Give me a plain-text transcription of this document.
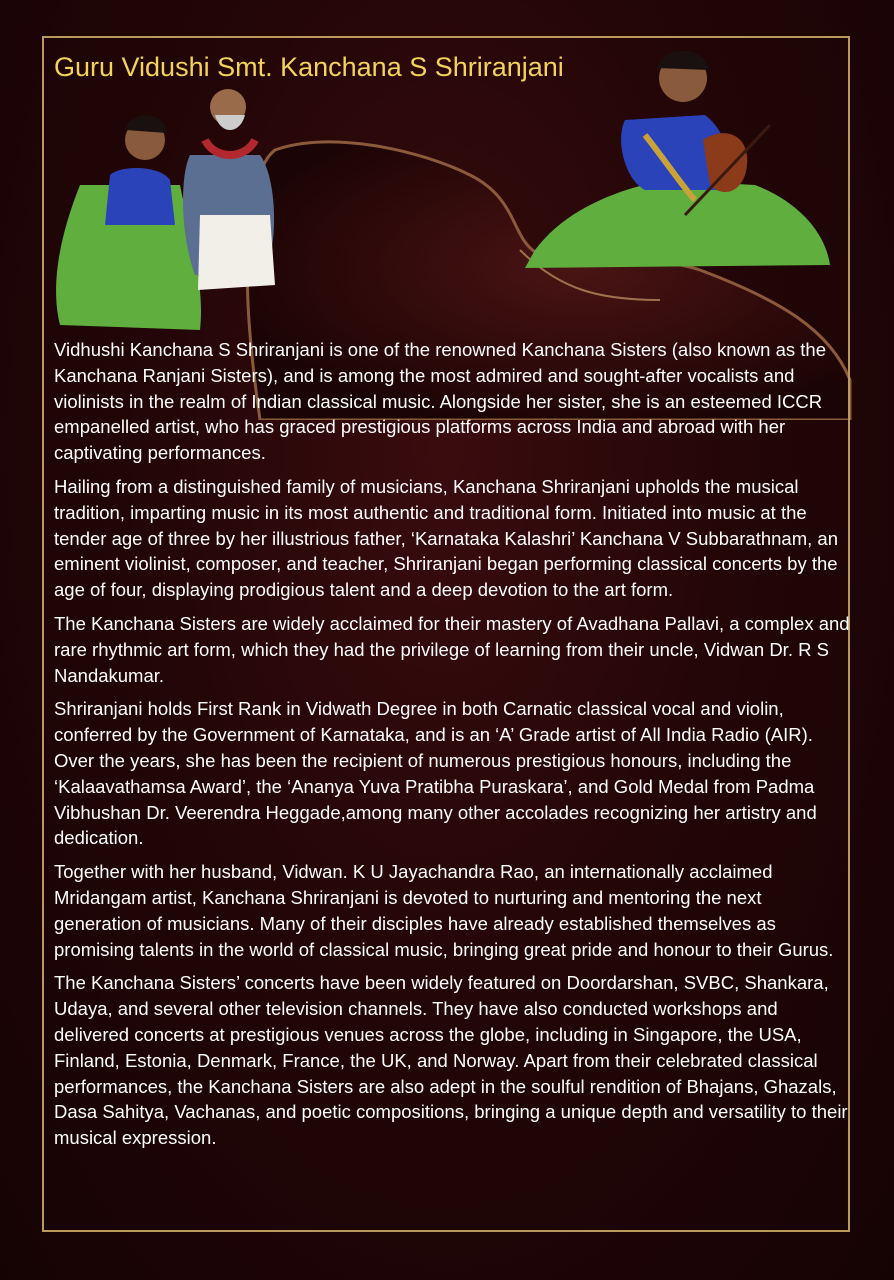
Guru Vidushi Smt. Kanchana S Shriranjani

Vidhushi Kanchana S Shriranjani is one of the renowned Kanchana Sisters (also known as the Kanchana Ranjani Sisters), and is among the most admired and sought-after vocalists and violinists in the realm of Indian classical music. Alongside her sister, she is an esteemed ICCR empanelled artist, who has graced prestigious platforms across India and abroad with her captivating performances.

Hailing from a distinguished family of musicians, Kanchana Shriranjani upholds the musical tradition, imparting music in its most authentic and traditional form. Initiated into music at the tender age of three by her illustrious father, ‘Karnataka Kalashri’ Kanchana V Subbarathnam, an eminent violinist, composer, and teacher, Shriranjani began performing classical concerts by the age of four, displaying prodigious talent and a deep devotion to the art form.

The Kanchana Sisters are widely acclaimed for their mastery of Avadhana Pallavi, a complex and rare rhythmic art form, which they had the privilege of learning from their uncle, Vidwan Dr. R S Nandakumar.

Shriranjani holds First Rank in Vidwath Degree in both Carnatic classical vocal and violin, conferred by the Government of Karnataka, and is an ‘A’ Grade artist of All India Radio (AIR). Over the years, she has been the recipient of numerous prestigious honours, including the ‘Kalaavathamsa Award’, the ‘Ananya Yuva Pratibha Puraskara’, and Gold Medal from Padma Vibhushan Dr. Veerendra Heggade,among many other accolades recognizing her artistry and dedication.

Together with her husband, Vidwan. K U Jayachandra Rao, an internationally acclaimed Mridangam artist, Kanchana Shriranjani is devoted to nurturing and mentoring the next generation of musicians. Many of their disciples have already established themselves as promising talents in the world of classical music, bringing great pride and honour to their Gurus.

The Kanchana Sisters’ concerts have been widely featured on Doordarshan, SVBC, Shankara, Udaya, and several other television channels. They have also conducted workshops and delivered concerts at prestigious venues across the globe, including in Singapore, the USA, Finland, Estonia, Denmark, France, the UK, and Norway. Apart from their celebrated classical performances, the Kanchana Sisters are also adept in the soulful rendition of Bhajans, Ghazals, Dasa Sahitya, Vachanas, and poetic compositions, bringing a unique depth and versatility to their musical expression.
